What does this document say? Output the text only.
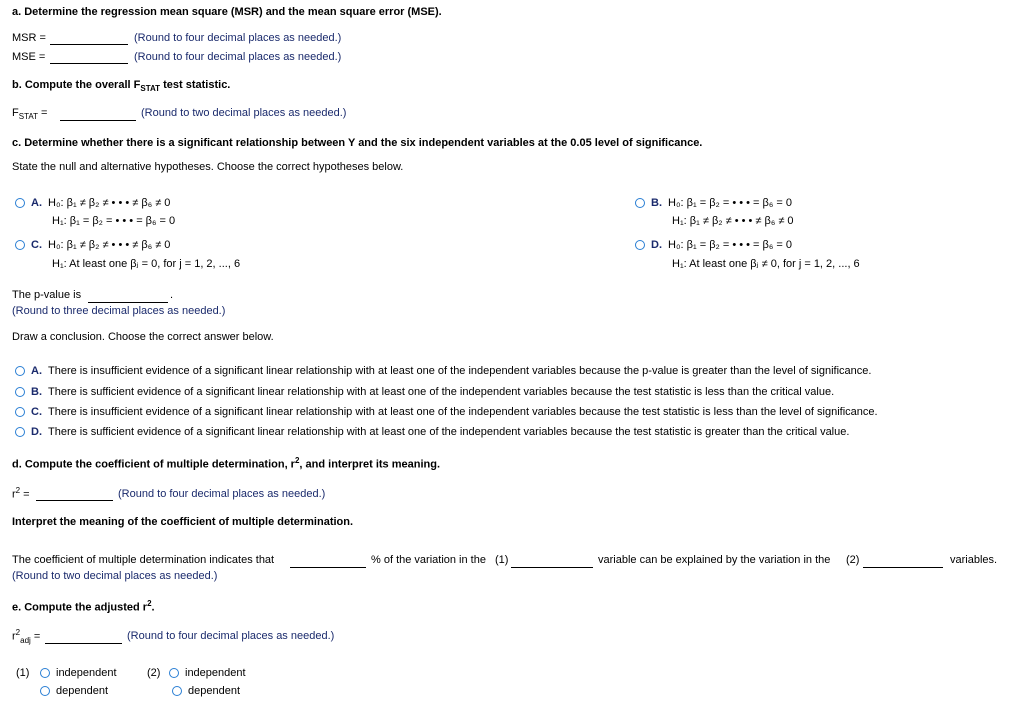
a. Determine the regression mean square (MSR) and the mean square error (MSE).
MSR =	(Round to four decimal places as needed.)
MSE =	(Round to four decimal places as needed.)
b. Compute the overall $F_{STAT}$ test statistic.
$F_{STAT}$ =	(Round to two decimal places as needed.)
c. Determine whether there is a significant relationship between Y and the six independent variables at the 0.05 level of significance.
State the null and alternative hypotheses. Choose the correct hypotheses below.
A. H₀: β₁ ≠ β₂ ≠ • • • ≠ β₆ ≠ 0
H₁: β₁ = β₂ = • • • = β₆ = 0
B. H₀: β₁ = β₂ = • • • = β₆ = 0
H₁: β₁ ≠ β₂ ≠ • • • ≠ β₆ ≠ 0
C. H₀: β₁ ≠ β₂ ≠ • • • ≠ β₆ ≠ 0
H₁: At least one βⱼ = 0, for j = 1, 2, ..., 6
D. H₀: β₁ = β₂ = • • • = β₆ = 0
H₁: At least one βⱼ ≠ 0, for j = 1, 2, ..., 6
The p-value is	.
(Round to three decimal places as needed.)
Draw a conclusion. Choose the correct answer below.
A. There is insufficient evidence of a significant linear relationship with at least one of the independent variables because the p-value is greater than the level of significance.
B. There is sufficient evidence of a significant linear relationship with at least one of the independent variables because the test statistic is less than the critical value.
C. There is insufficient evidence of a significant linear relationship with at least one of the independent variables because the test statistic is less than the level of significance.
D. There is sufficient evidence of a significant linear relationship with at least one of the independent variables because the test statistic is greater than the critical value.
d. Compute the coefficient of multiple determination, $r^2$, and interpret its meaning.
$r^2$ =	(Round to four decimal places as needed.)
Interpret the meaning of the coefficient of multiple determination.
The coefficient of multiple determination indicates that	% of the variation in the (1)	variable can be explained by the variation in the (2)	variables.
(Round to two decimal places as needed.)
e. Compute the adjusted $r^2$.
$r^2_{adj}$ =	(Round to four decimal places as needed.)
(1)	independent
dependent
(2)	independent
dependent
